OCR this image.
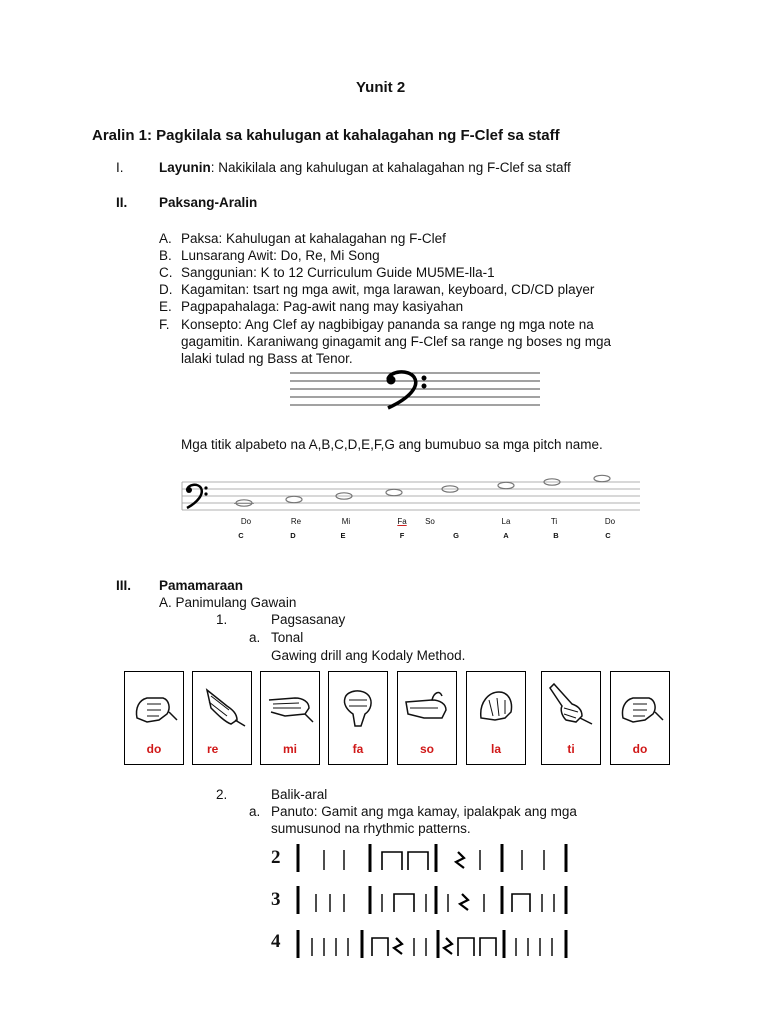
Yunit 2
Aralin 1: Pagkilala sa kahulugan at kahalagahan ng F-Clef sa staff
I.	Layunin: Nakikilala ang kahulugan at kahalagahan ng F-Clef sa staff
II. Paksang-Aralin
A. Paksa: Kahulugan at kahalagahan ng F-Clef
B. Lunsarang Awit: Do, Re, Mi Song
C. Sanggunian: K to 12 Curriculum Guide MU5ME-lla-1
D. Kagamitan: tsart ng mga awit, mga larawan, keyboard, CD/CD player
E. Pagpapahalaga: Pag-awit nang may kasiyahan
F. Konsepto: Ang Clef ay nagbibigay pananda sa range ng mga note na
gagamitin. Karaniwang ginagamit ang F-Clef sa range ng boses ng mga
lalaki tulad ng Bass at Tenor.
Mga titik alpabeto na A,B,C,D,E,F,G ang bumubuo sa mga pitch name.
Do	Re	Mi	Fa	So	La	Ti	Do
C	D	E	F	G	A	B	C
III. Pamamaraan
A. Panimulang Gawain
1.	Pagsasanay
a. Tonal
Gawing drill ang Kodaly Method.
do	re	mi	fa	so	la	ti	do
2.	Balik-aral
a. Panuto: Gamit ang mga kamay, ipalakpak ang mga
sumusunod na rhythmic patterns.
2
3
4
